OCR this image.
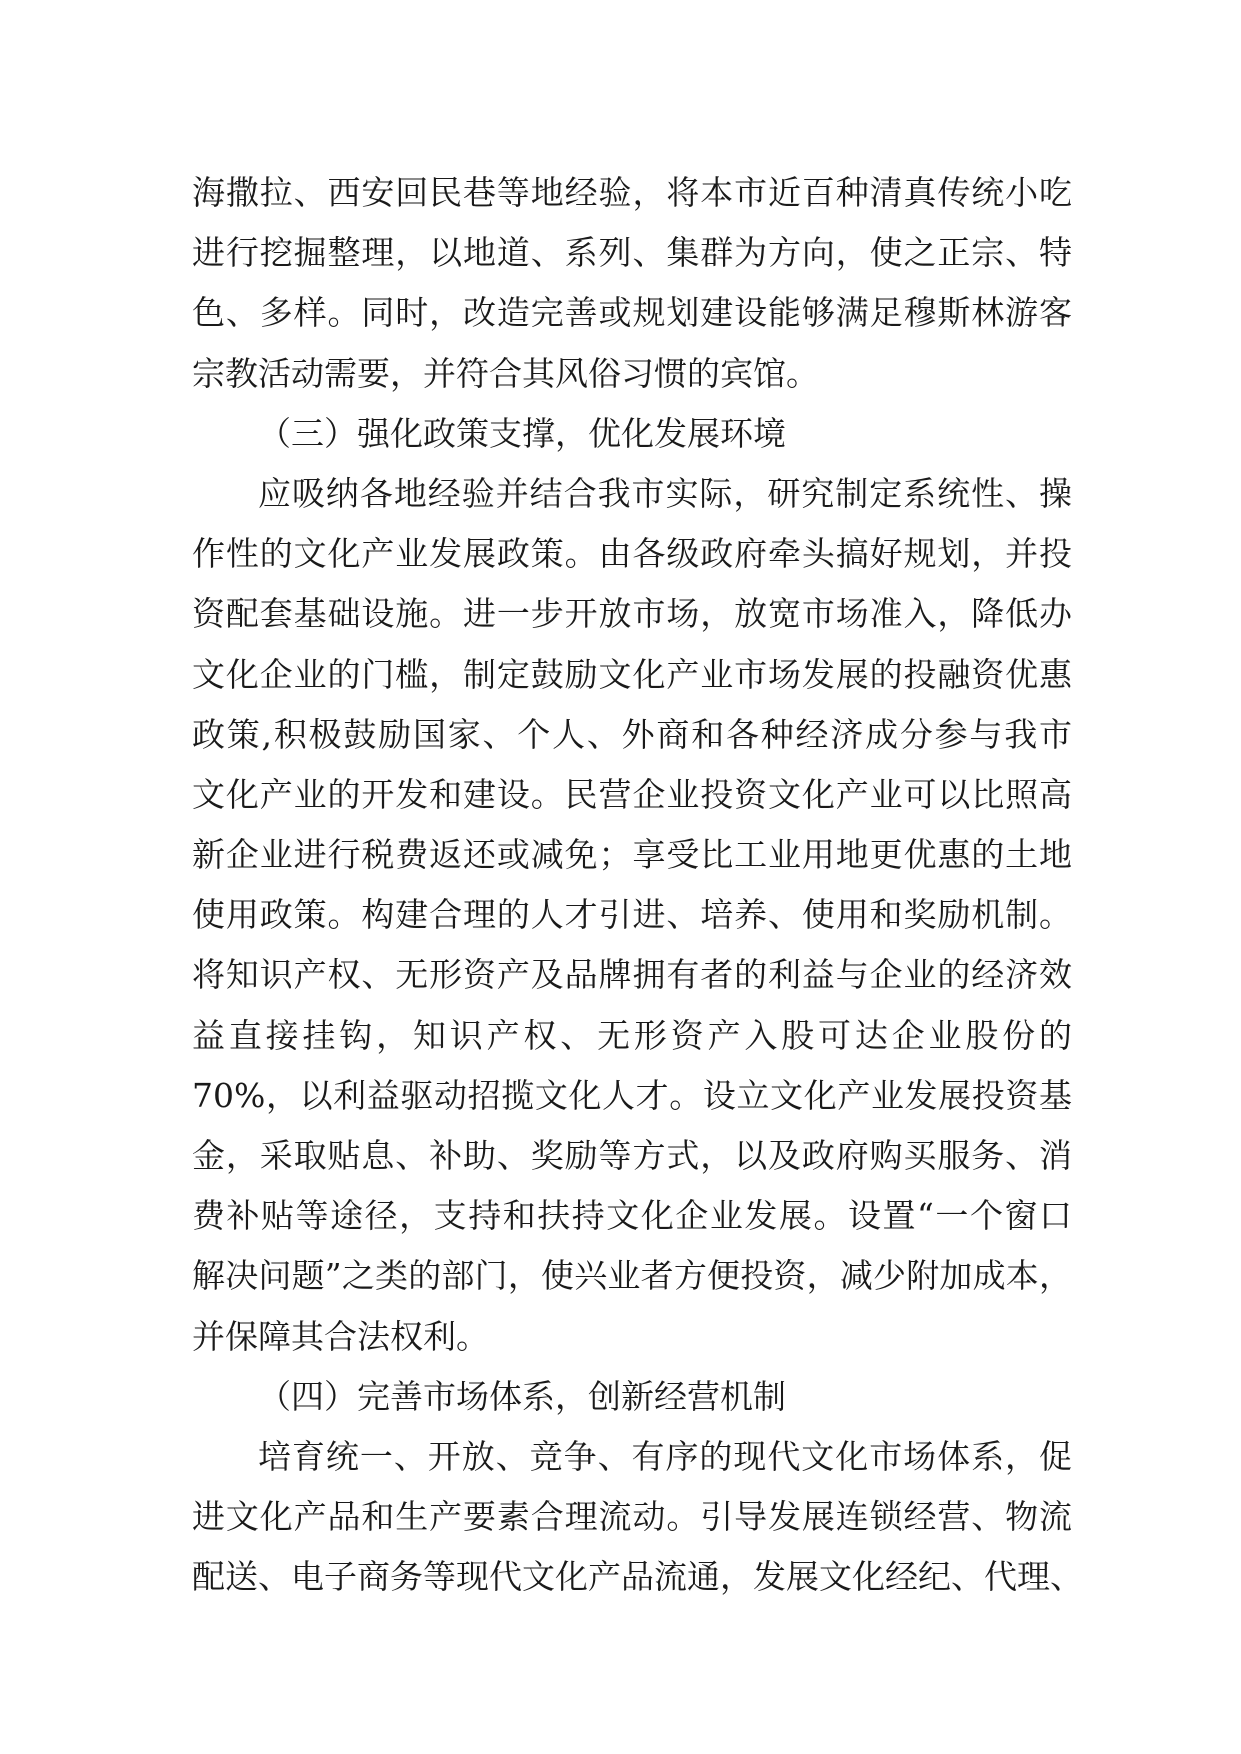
海撒拉、西安回民巷等地经验，将本市近百种清真传统小吃
进行挖掘整理，以地道、系列、集群为方向，使之正宗、特
色、多样。同时，改造完善或规划建设能够满足穆斯林游客
宗教活动需要，并符合其风俗习惯的宾馆。
（三）强化政策支撑，优化发展环境
应吸纳各地经验并结合我市实际，研究制定系统性、操
作性的文化产业发展政策。由各级政府牵头搞好规划，并投
资配套基础设施。进一步开放市场，放宽市场准入，降低办
文化企业的门槛，制定鼓励文化产业市场发展的投融资优惠
政策,积极鼓励国家、个人、外商和各种经济成分参与我市
文化产业的开发和建设。民营企业投资文化产业可以比照高
新企业进行税费返还或减免；享受比工业用地更优惠的土地
使用政策。构建合理的人才引进、培养、使用和奖励机制。
将知识产权、无形资产及品牌拥有者的利益与企业的经济效
益直接挂钩，知识产权、无形资产入股可达企业股份的
70%，以利益驱动招揽文化人才。设立文化产业发展投资基
金，采取贴息、补助、奖励等方式，以及政府购买服务、消
费补贴等途径，支持和扶持文化企业发展。设置“一个窗口
解决问题”之类的部门，使兴业者方便投资，减少附加成本，
并保障其合法权利。
（四）完善市场体系，创新经营机制
培育统一、开放、竞争、有序的现代文化市场体系，促
进文化产品和生产要素合理流动。引导发展连锁经营、物流
配送、电子商务等现代文化产品流通，发展文化经纪、代理、
